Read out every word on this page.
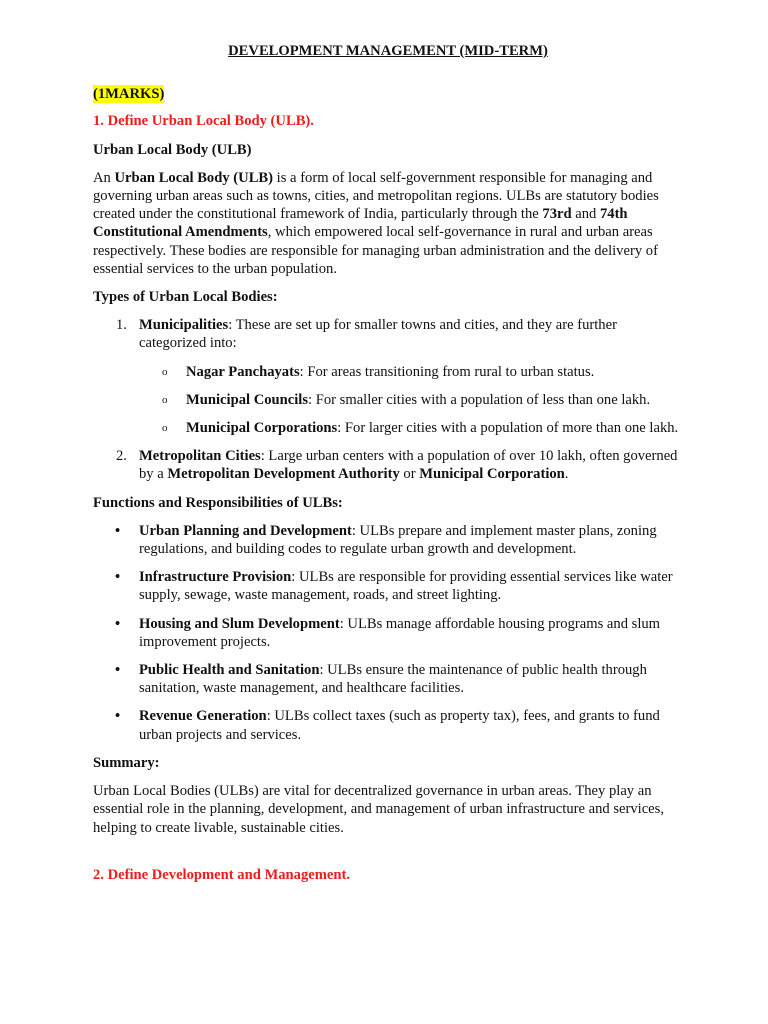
DEVELOPMENT MANAGEMENT (MID-TERM)
(1MARKS)
1. Define Urban Local Body (ULB).
Urban Local Body (ULB)

An Urban Local Body (ULB) is a form of local self-government responsible for managing and governing urban areas such as towns, cities, and metropolitan regions. ULBs are statutory bodies created under the constitutional framework of India, particularly through the 73rd and 74th Constitutional Amendments, which empowered local self-governance in rural and urban areas respectively. These bodies are responsible for managing urban administration and the delivery of essential services to the urban population.

Types of Urban Local Bodies:
1. Municipalities: These are set up for smaller towns and cities, and they are further categorized into:
o Nagar Panchayats: For areas transitioning from rural to urban status.
o Municipal Councils: For smaller cities with a population of less than one lakh.
o Municipal Corporations: For larger cities with a population of more than one lakh.
2. Metropolitan Cities: Large urban centers with a population of over 10 lakh, often governed by a Metropolitan Development Authority or Municipal Corporation.
Functions and Responsibilities of ULBs:
• Urban Planning and Development: ULBs prepare and implement master plans, zoning regulations, and building codes to regulate urban growth and development.
• Infrastructure Provision: ULBs are responsible for providing essential services like water supply, sewage, waste management, roads, and street lighting.
• Housing and Slum Development: ULBs manage affordable housing programs and slum improvement projects.
• Public Health and Sanitation: ULBs ensure the maintenance of public health through sanitation, waste management, and healthcare facilities.
• Revenue Generation: ULBs collect taxes (such as property tax), fees, and grants to fund urban projects and services.
Summary:

Urban Local Bodies (ULBs) are vital for decentralized governance in urban areas. They play an essential role in the planning, development, and management of urban infrastructure and services, helping to create livable, sustainable cities.

2. Define Development and Management.
